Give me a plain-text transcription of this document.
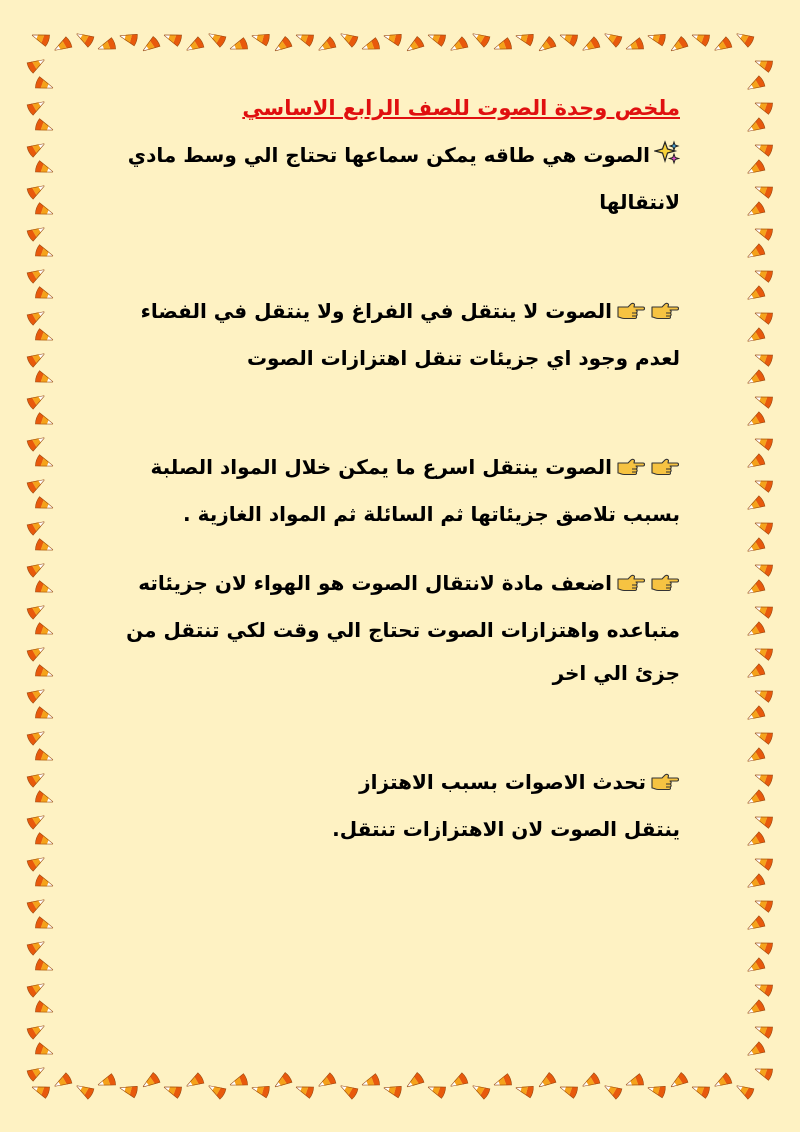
ملخص وحدة الصوت للصف الرابع الاساسي

الصوت هي طاقه يمكن سماعها تحتاج الي وسط مادي لانتقالها

الصوت لا ينتقل في الفراغ ولا ينتقل في الفضاء لعدم وجود اي جزيئات تنقل اهتزازات الصوت

الصوت ينتقل اسرع ما يمكن خلال المواد الصلبة بسبب تلاصق جزيئاتها ثم السائلة ثم المواد الغازية .

اضعف مادة لانتقال الصوت هو الهواء لان جزيئاته متباعده واهتزازات الصوت تحتاج الي وقت لكي تنتقل من جزئ الي اخر

تحدث الاصوات بسبب الاهتزاز

ينتقل الصوت لان الاهتزازات تنتقل.
